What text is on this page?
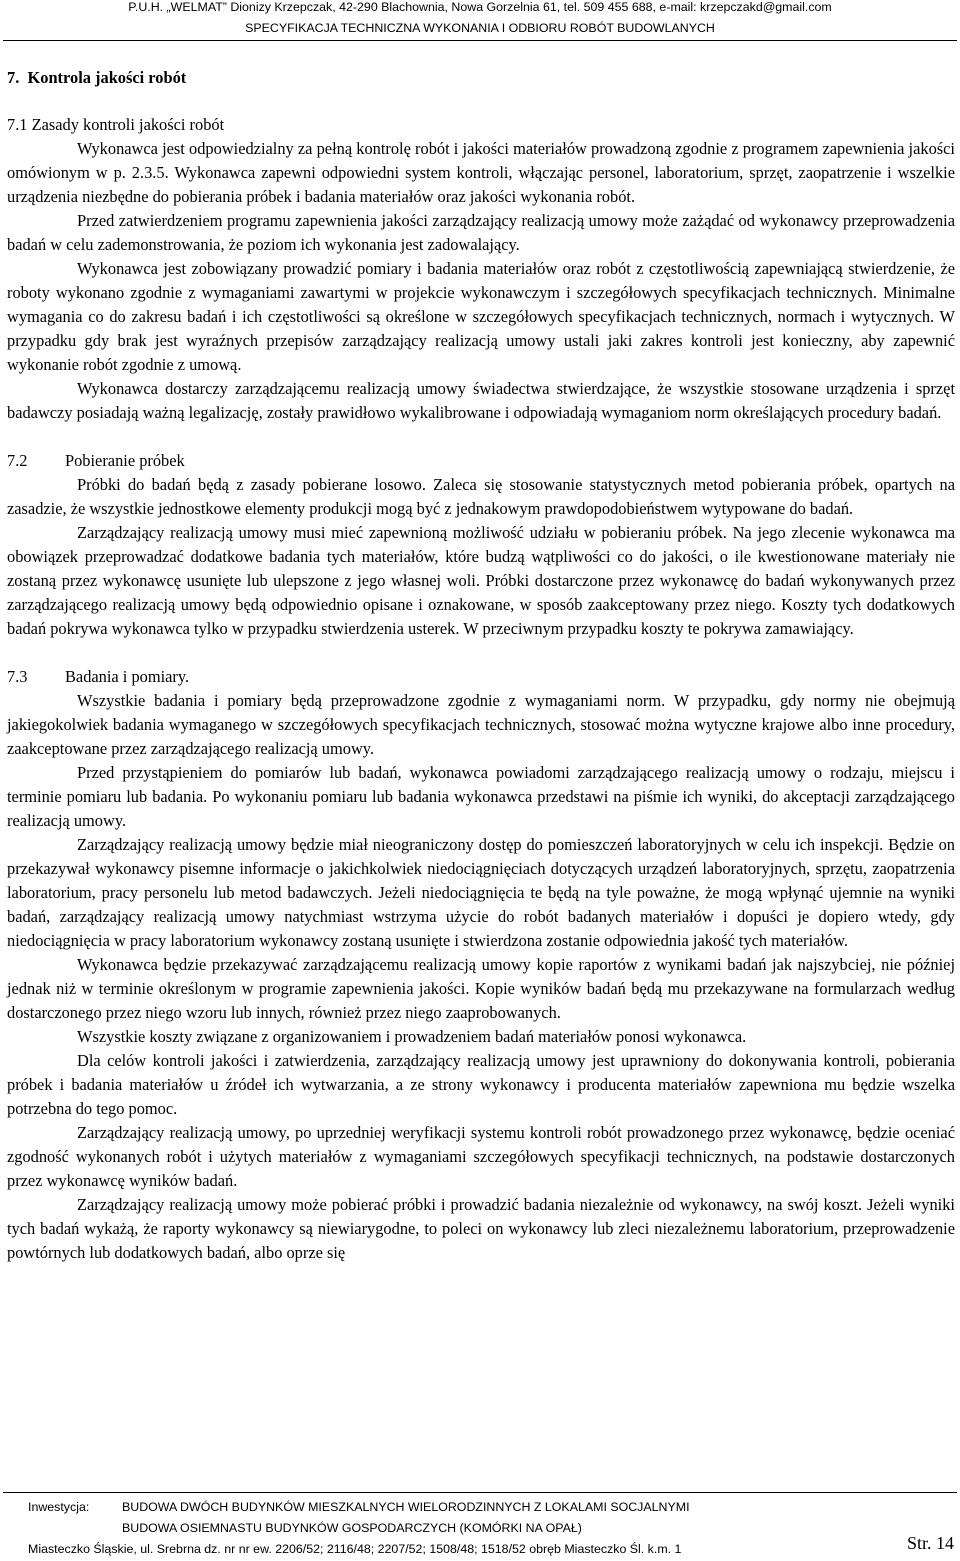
P.U.H. „WELMAT” Dionizy Krzepczak, 42-290 Blachownia, Nowa Gorzelnia 61, tel. 509 455 688, e-mail: krzepczakd@gmail.com
SPECYFIKACJA TECHNICZNA WYKONANIA I ODBIORU ROBÓT BUDOWLANYCH
7. Kontrola jakości robót

7.1 Zasady kontroli jakości robót

Wykonawca jest odpowiedzialny za pełną kontrolę robót i jakości materiałów prowadzoną zgodnie z programem zapewnienia jakości omówionym w p. 2.3.5. Wykonawca zapewni odpowiedni system kontroli, włączając personel, laboratorium, sprzęt, zaopatrzenie i wszelkie urządzenia niezbędne do pobierania próbek i badania materiałów oraz jakości wykonania robót.

Przed zatwierdzeniem programu zapewnienia jakości zarządzający realizacją umowy może zażądać od wykonawcy przeprowadzenia badań w celu zademonstrowania, że poziom ich wykonania jest zadowalający.

Wykonawca jest zobowiązany prowadzić pomiary i badania materiałów oraz robót z częstotliwością zapewniającą stwierdzenie, że roboty wykonano zgodnie z wymaganiami zawartymi w projekcie wykonawczym i szczegółowych specyfikacjach technicznych. Minimalne wymagania co do zakresu badań i ich częstotliwości są określone w szczegółowych specyfikacjach technicznych, normach i wytycznych. W przypadku gdy brak jest wyraźnych przepisów zarządzający realizacją umowy ustali jaki zakres kontroli jest konieczny, aby zapewnić wykonanie robót zgodnie z umową.

Wykonawca dostarczy zarządzającemu realizacją umowy świadectwa stwierdzające, że wszystkie stosowane urządzenia i sprzęt badawczy posiadają ważną legalizację, zostały prawidłowo wykalibrowane i odpowiadają wymaganiom norm określających procedury badań.

7.2 Pobieranie próbek

Próbki do badań będą z zasady pobierane losowo. Zaleca się stosowanie statystycznych metod pobierania próbek, opartych na zasadzie, że wszystkie jednostkowe elementy produkcji mogą być z jednakowym prawdopodobieństwem wytypowane do badań.

Zarządzający realizacją umowy musi mieć zapewnioną możliwość udziału w pobieraniu próbek. Na jego zlecenie wykonawca ma obowiązek przeprowadzać dodatkowe badania tych materiałów, które budzą wątpliwości co do jakości, o ile kwestionowane materiały nie zostaną przez wykonawcę usunięte lub ulepszone z jego własnej woli. Próbki dostarczone przez wykonawcę do badań wykonywanych przez zarządzającego realizacją umowy będą odpowiednio opisane i oznakowane, w sposób zaakceptowany przez niego. Koszty tych dodatkowych badań pokrywa wykonawca tylko w przypadku stwierdzenia usterek. W przeciwnym przypadku koszty te pokrywa zamawiający.

7.3 Badania i pomiary.

Wszystkie badania i pomiary będą przeprowadzone zgodnie z wymaganiami norm. W przypadku, gdy normy nie obejmują jakiegokolwiek badania wymaganego w szczegółowych specyfikacjach technicznych, stosować można wytyczne krajowe albo inne procedury, zaakceptowane przez zarządzającego realizacją umowy.

Przed przystąpieniem do pomiarów lub badań, wykonawca powiadomi zarządzającego realizacją umowy o rodzaju, miejscu i terminie pomiaru lub badania. Po wykonaniu pomiaru lub badania wykonawca przedstawi na piśmie ich wyniki, do akceptacji zarządzającego realizacją umowy.

Zarządzający realizacją umowy będzie miał nieograniczony dostęp do pomieszczeń laboratoryjnych w celu ich inspekcji. Będzie on przekazywał wykonawcy pisemne informacje o jakichkolwiek niedociągnięciach dotyczących urządzeń laboratoryjnych, sprzętu, zaopatrzenia laboratorium, pracy personelu lub metod badawczych. Jeżeli niedociągnięcia te będą na tyle poważne, że mogą wpłynąć ujemnie na wyniki badań, zarządzający realizacją umowy natychmiast wstrzyma użycie do robót badanych materiałów i dopuści je dopiero wtedy, gdy niedociągnięcia w pracy laboratorium wykonawcy zostaną usunięte i stwierdzona zostanie odpowiednia jakość tych materiałów.

Wykonawca będzie przekazywać zarządzającemu realizacją umowy kopie raportów z wynikami badań jak najszybciej, nie później jednak niż w terminie określonym w programie zapewnienia jakości. Kopie wyników badań będą mu przekazywane na formularzach według dostarczonego przez niego wzoru lub innych, również przez niego zaaprobowanych.

Wszystkie koszty związane z organizowaniem i prowadzeniem badań materiałów ponosi wykonawca.

Dla celów kontroli jakości i zatwierdzenia, zarządzający realizacją umowy jest uprawniony do dokonywania kontroli, pobierania próbek i badania materiałów u źródeł ich wytwarzania, a ze strony wykonawcy i producenta materiałów zapewniona mu będzie wszelka potrzebna do tego pomoc.

Zarządzający realizacją umowy, po uprzedniej weryfikacji systemu kontroli robót prowadzonego przez wykonawcę, będzie oceniać zgodność wykonanych robót i użytych materiałów z wymaganiami szczegółowych specyfikacji technicznych, na podstawie dostarczonych przez wykonawcę wyników badań.

Zarządzający realizacją umowy może pobierać próbki i prowadzić badania niezależnie od wykonawcy, na swój koszt. Jeżeli wyniki tych badań wykażą, że raporty wykonawcy są niewiarygodne, to poleci on wykonawcy lub zleci niezależnemu laboratorium, przeprowadzenie powtórnych lub dodatkowych badań, albo oprze się

Inwestycja:	BUDOWA DWÓCH BUDYNKÓW MIESZKALNYCH WIELORODZINNYCH Z LOKALAMI SOCJALNYMI
BUDOWA OSIEMNASTU BUDYNKÓW GOSPODARCZYCH (KOMÓRKI NA OPAŁ)
Miasteczko Śląskie, ul. Srebrna dz. nr nr ew. 2206/52; 2116/48; 2207/52; 1508/48; 1518/52 obręb Miasteczko Śl. k.m. 1	Str. 14
